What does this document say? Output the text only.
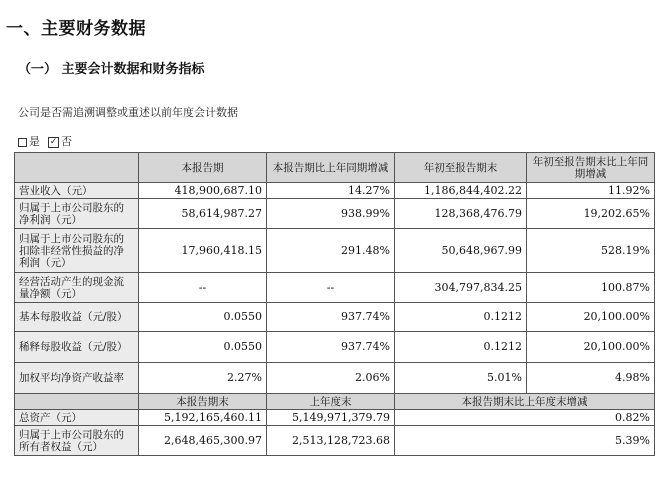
一、主要财务数据
（一） 主要会计数据和财务指标
公司是否需追溯调整或重述以前年度会计数据
是 ✓ 否
	本报告期	本报告期比上年同期增减	年初至报告期末	年初至报告期末比上年同期增减
营业收入（元）	418,900,687.10	14.27%	1,186,844,402.22	11.92%
归属于上市公司股东的净利润（元）	58,614,987.27	938.99%	128,368,476.79	19,202.65%
归属于上市公司股东的扣除非经常性损益的净利润（元）	17,960,418.15	291.48%	50,648,967.99	528.19%
经营活动产生的现金流量净额（元）	--	--	304,797,834.25	100.87%
基本每股收益（元/股）	0.0550	937.74%	0.1212	20,100.00%
稀释每股收益（元/股）	0.0550	937.74%	0.1212	20,100.00%
加权平均净资产收益率	2.27%	2.06%	5.01%	4.98%
	本报告期末	上年度末	本报告期末比上年度末增减	
总资产（元）	5,192,165,460.11	5,149,971,379.79	0.82%	
归属于上市公司股东的所有者权益（元）	2,648,465,300.97	2,513,128,723.68	5.39%	
